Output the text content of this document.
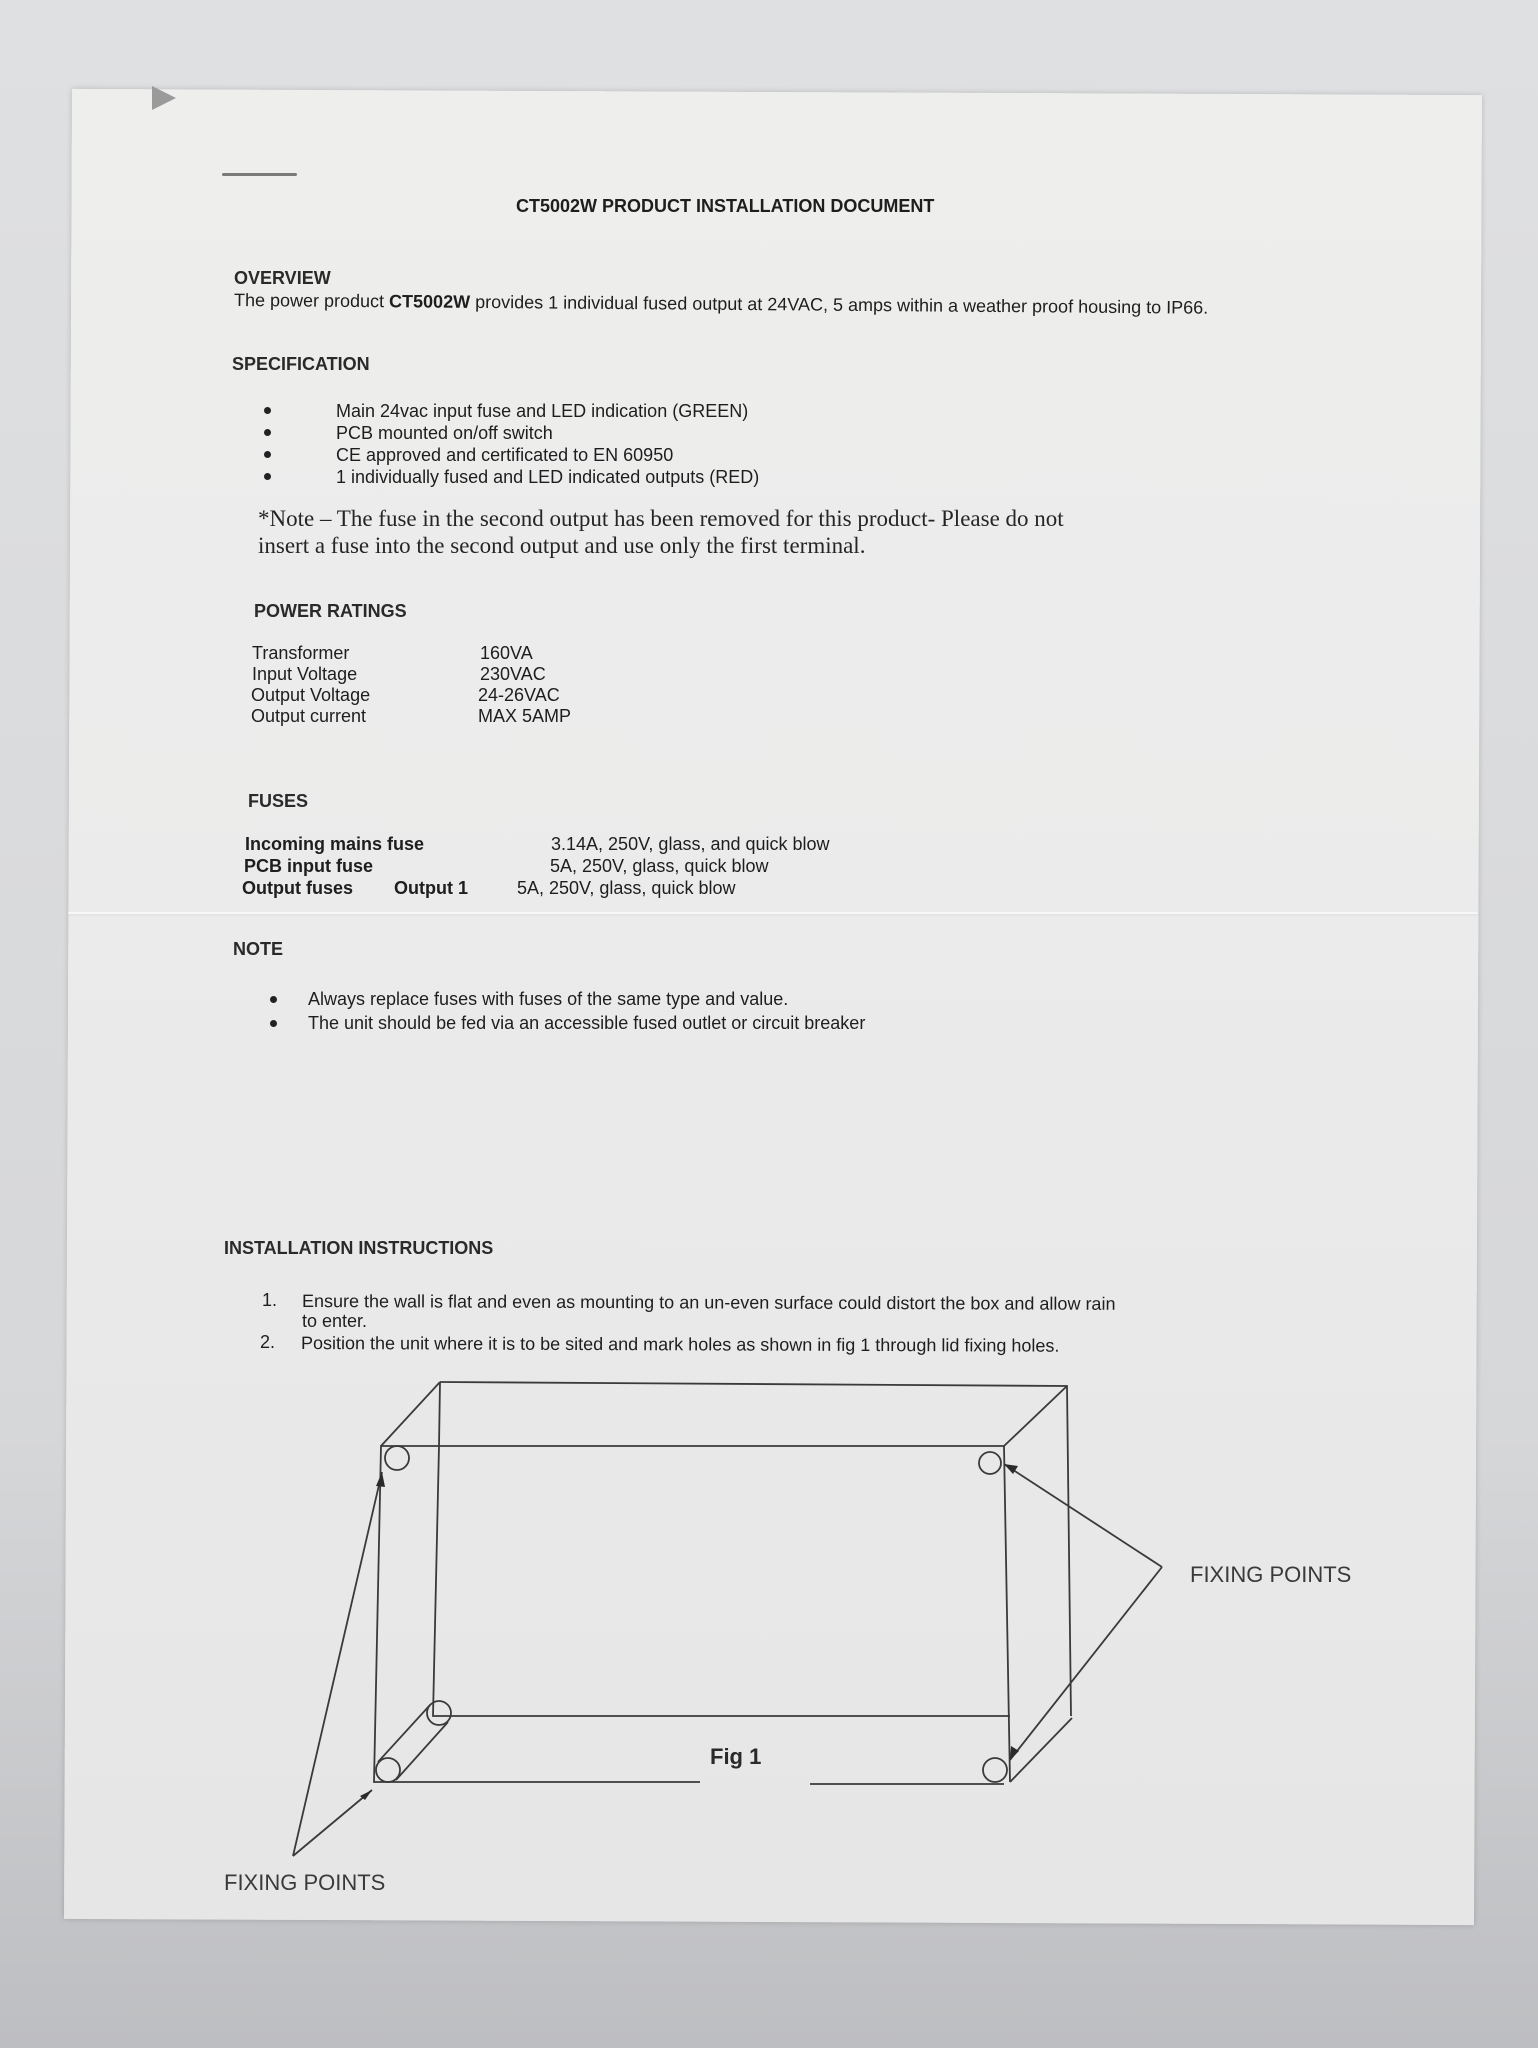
CT5002W PRODUCT INSTALLATION DOCUMENT
OVERVIEW
The power product CT5002W provides 1 individual fused output at 24VAC, 5 amps within a weather proof housing to IP66.
SPECIFICATION
Main 24vac input fuse and LED indication (GREEN)
PCB mounted on/off switch
CE approved and certificated to EN 60950
1 individually fused and LED indicated outputs (RED)
*Note – The fuse in the second output has been removed for this product- Please do not
insert a fuse into the second output and use only the first terminal.
POWER RATINGS
Transformer	160VA
Input Voltage	230VAC
Output Voltage	24-26VAC
Output current	MAX 5AMP
FUSES
Incoming mains fuse	3.14A, 250V, glass, and quick blow
PCB input fuse	5A, 250V, glass, quick blow
Output fuses Output 1	5A, 250V, glass, quick blow
NOTE
Always replace fuses with fuses of the same type and value.
The unit should be fed via an accessible fused outlet or circuit breaker
INSTALLATION INSTRUCTIONS
1. Ensure the wall is flat and even as mounting to an un-even surface could distort the box and allow rain
to enter.
2. Position the unit where it is to be sited and mark holes as shown in fig 1 through lid fixing holes.
Fig 1
FIXING POINTS
FIXING POINTS
